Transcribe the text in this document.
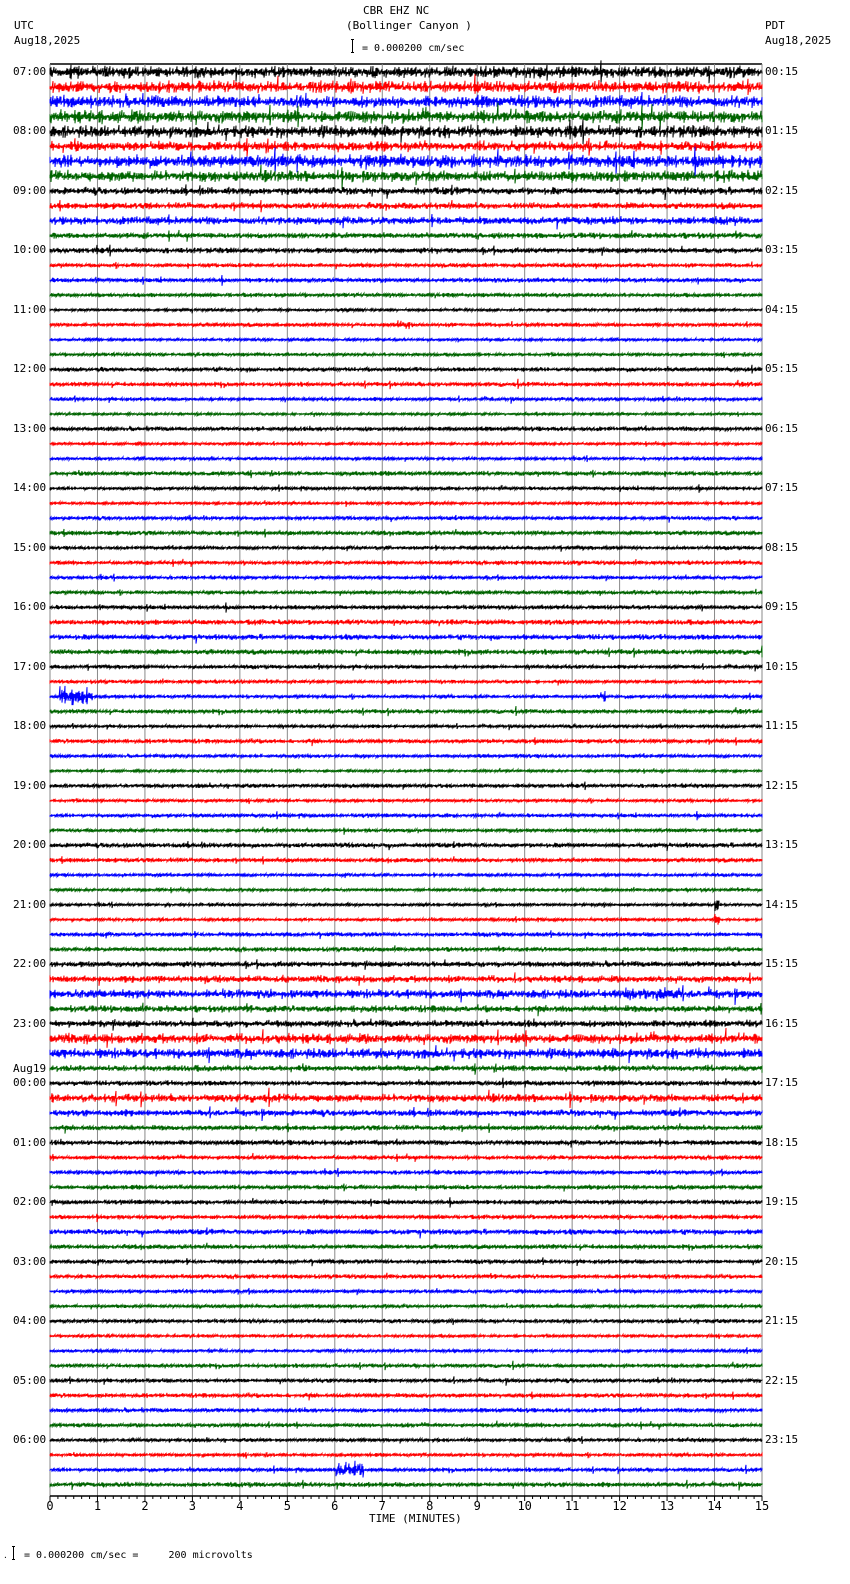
CBR EHZ NC
(Bollinger Canyon )
UTC
Aug18,2025
PDT
Aug18,2025
= 0.000200 cm/sec
0	1	2	3	4	5	6	7	8	9	10	11	12	13	14	15
07:00	00:15
08:00	01:15
09:00	02:15
10:00	03:15
11:00	04:15
12:00	05:15
13:00	06:15
14:00	07:15
15:00	08:15
16:00	09:15
17:00	10:15
18:00	11:15
19:00	12:15
20:00	13:15
21:00	14:15
22:00	15:15
23:00	16:15
00:00
Aug19
17:15
01:00	18:15
02:00	19:15
03:00	20:15
04:00	21:15
05:00	22:15
06:00	23:15
TIME (MINUTES)
. = 0.000200 cm/sec =     200 microvolts
